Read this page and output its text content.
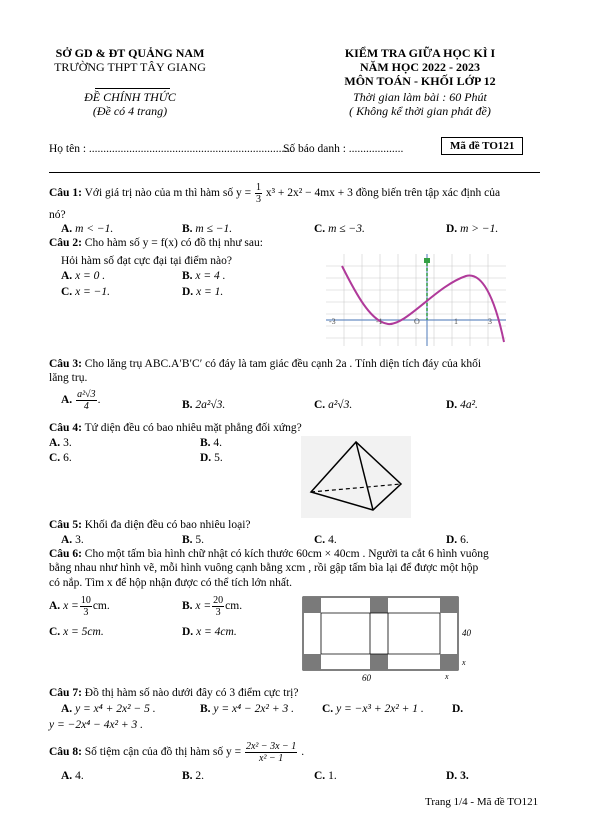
SỞ GD & ĐT QUẢNG NAM
TRƯỜNG THPT TÂY GIANG
ĐỀ CHÍNH THỨC
(Đề có 4 trang)
KIỂM TRA GIỮA HỌC KÌ I
NĂM HỌC 2022 - 2023
MÔN TOÁN - KHỐI LỚP 12
Thời gian làm bài : 60 Phút
( Không kể thời gian phát đề)
Họ tên : .......................................................................
Số báo danh : ...................	Mã đề TO121
Câu 1: Với giá trị nào của m thì hàm số $y = \frac{1}{3} x^3 + 2x^2 - 4mx + 3$ đồng biến trên tập xác định của
nó?
A. m < −1.	B. m ≤ −1.	C. m ≤ −3.	D. m > −1.
Câu 2: Cho hàm số y = f(x) có đồ thị như sau:
Hỏi hàm số đạt cực đại tại điểm nào?
A. x = 0 .	B. x = 4 .
C. x = −1.	D. x = 1.
-3	-1	O	1	3
Câu 3: Cho lăng trụ ABC.A′B′C′ có đáy là tam giác đều cạnh 2a . Tính diện tích đáy của khối
lăng trụ.
A. $\frac{\text{a²√3}}{4}$ .	B. 2a²√3.	C. a²√3.	D. 4a².
Câu 4: Tứ diện đều có bao nhiêu mặt phẳng đối xứng?
A. 3.	B. 4.
C. 6.	D. 5.
Câu 5: Khối đa diện đều có bao nhiêu loại?
A. 3.	B. 5.	C. 4.	D. 6.
Câu 6: Cho một tấm bìa hình chữ nhật có kích thước 60cm × 40cm . Người ta cắt 6 hình vuông
bằng nhau như hình vẽ, mỗi hình vuông cạnh bằng xcm , rồi gập tấm bìa lại để được một hộp
có nắp. Tìm x để hộp nhận được có thể tích lớn nhất.
A. $x = \frac{10}{3}$ cm.	B. $x = \frac{20}{3}$ cm.
C. x = 5cm.	D. x = 4cm.	40
x
60	x
Câu 7: Đồ thị hàm số nào dưới đây có 3 điểm cực trị?
A. y = x⁴ + 2x² − 5 .	B. y = x⁴ − 2x² + 3 . C. y = −x³ + 2x² + 1 . D.
y = −2x⁴ − 4x² + 3 .
Câu 8: Số tiệm cận của đồ thị hàm số $y = \frac{\text{2x² − 3x − 1}}{\text{x² − 1}}$ .
A. 4.	B. 2.	C. 1.	D. 3.
Trang 1/4 - Mã đề TO121
